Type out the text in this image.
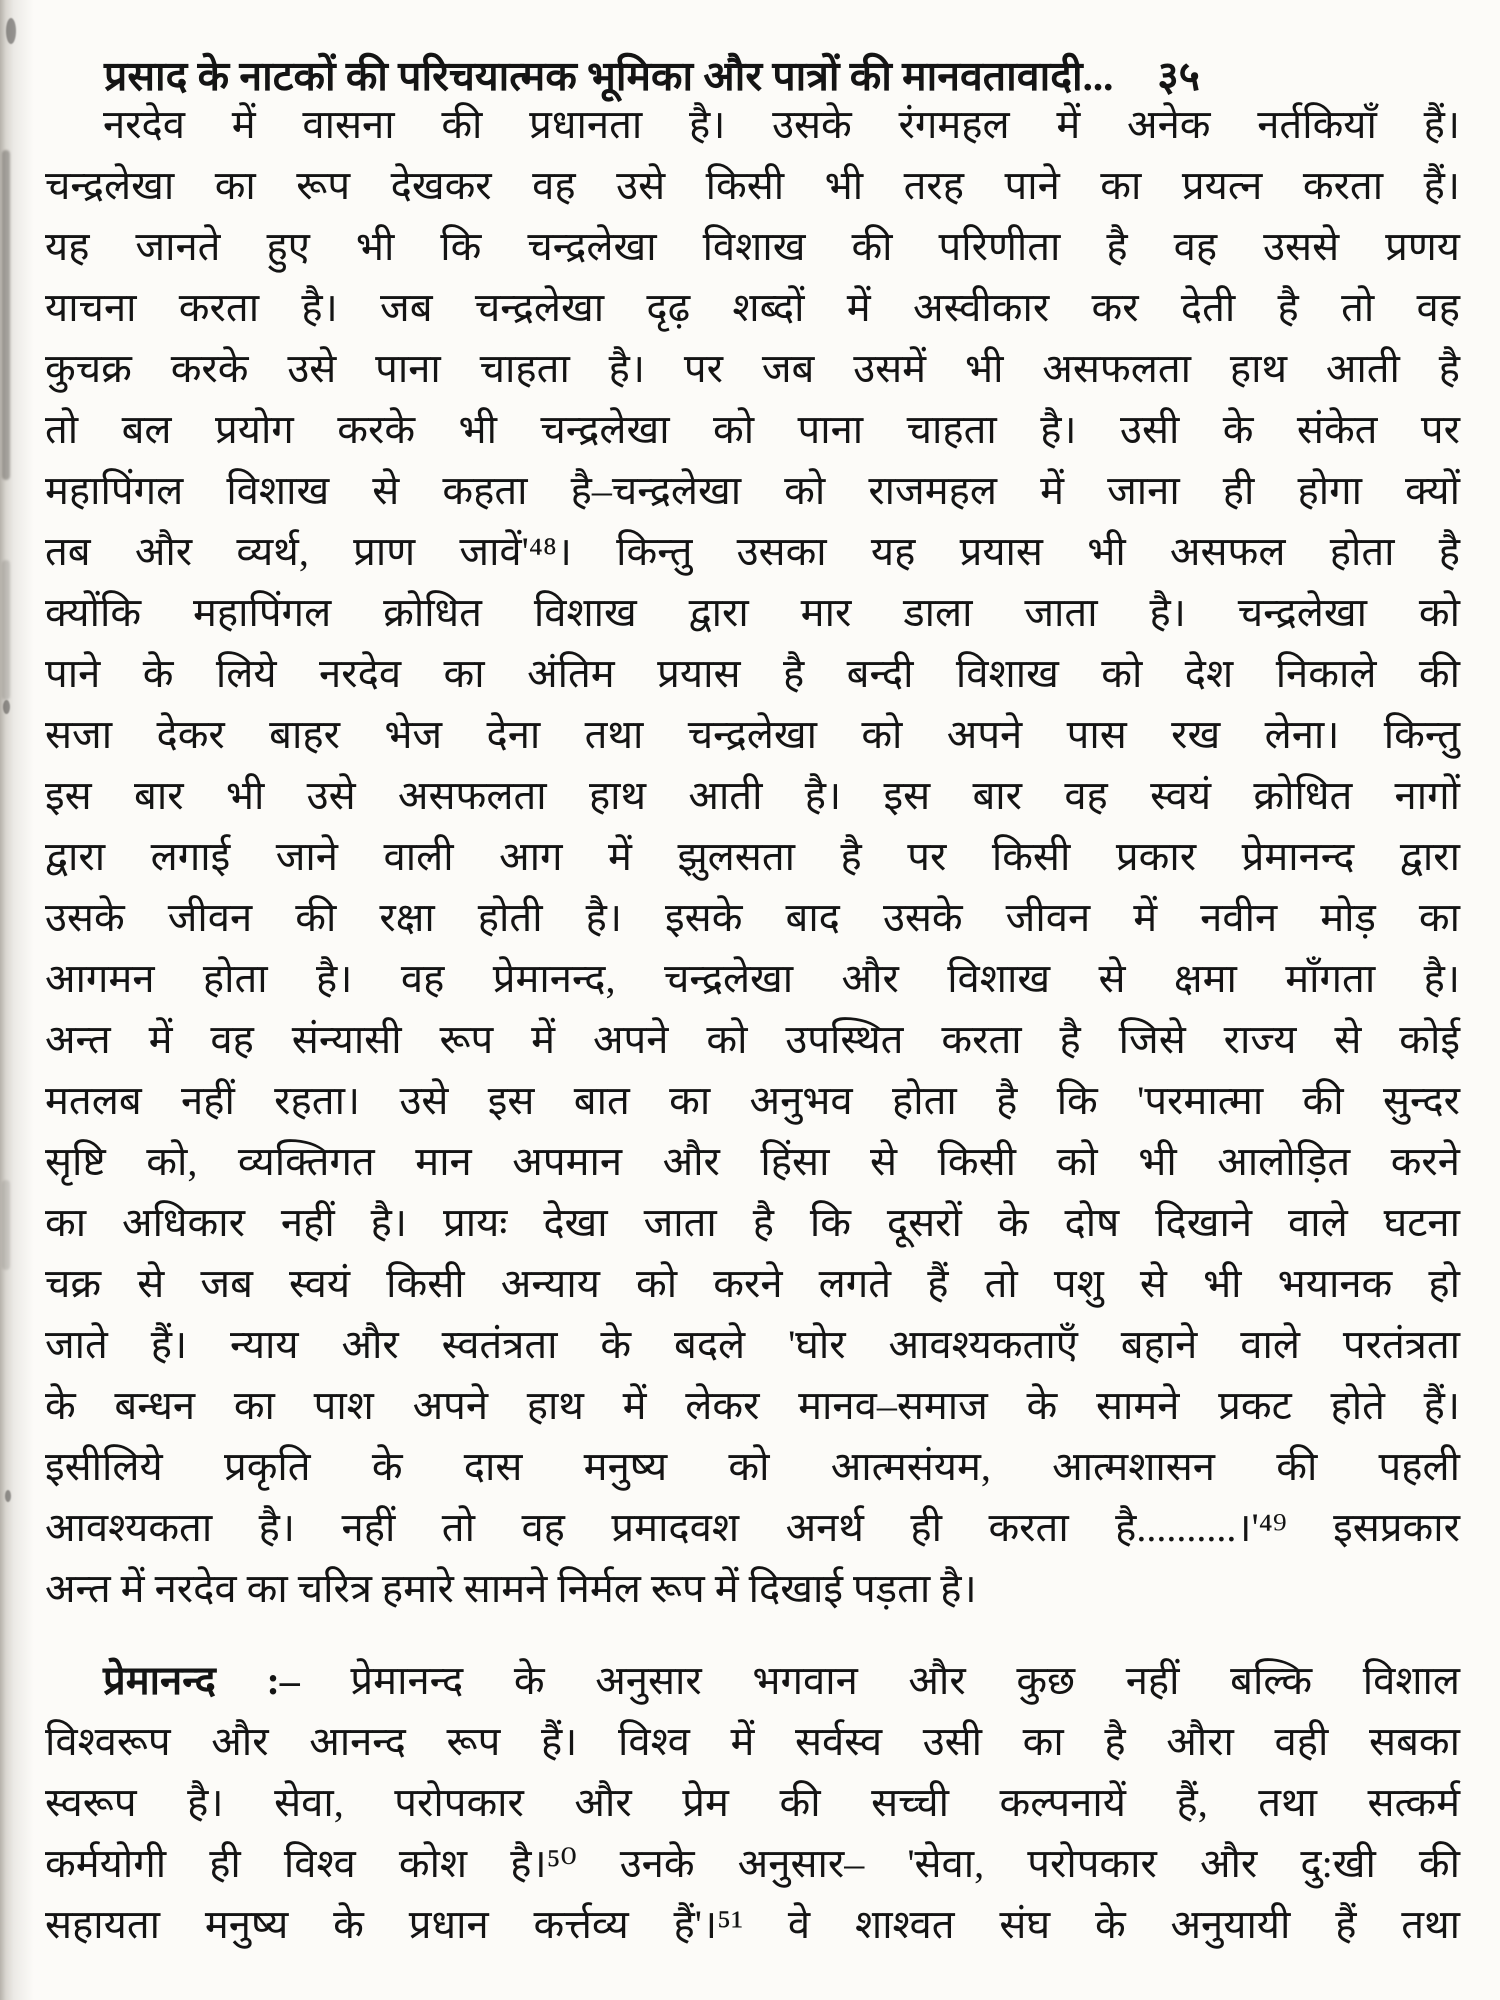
प्रसाद के नाटकों की परिचयात्मक भूमिका और पात्रों की मानवतावादी... ३५
नरदेव में वासना की प्रधानता है। उसके रंगमहल में अनेक नर्तकियाँ हैं।
चन्द्रलेखा का रूप देखकर वह उसे किसी भी तरह पाने का प्रयत्न करता हैं।
यह जानते हुए भी कि चन्द्रलेखा विशाख की परिणीता है वह उससे प्रणय
याचना करता है। जब चन्द्रलेखा दृढ़ शब्दों में अस्वीकार कर देती है तो वह
कुचक्र करके उसे पाना चाहता है। पर जब उसमें भी असफलता हाथ आती है
तो बल प्रयोग करके भी चन्द्रलेखा को पाना चाहता है। उसी के संकेत पर
महापिंगल विशाख से कहता है–चन्द्रलेखा को राजमहल में जाना ही होगा क्यों
तब और व्यर्थ, प्राण जावें'⁴⁸। किन्तु उसका यह प्रयास भी असफल होता है
क्योंकि महापिंगल क्रोधित विशाख द्वारा मार डाला जाता है। चन्द्रलेखा को
पाने के लिये नरदेव का अंतिम प्रयास है बन्दी विशाख को देश निकाले की
सजा देकर बाहर भेज देना तथा चन्द्रलेखा को अपने पास रख लेना। किन्तु
इस बार भी उसे असफलता हाथ आती है। इस बार वह स्वयं क्रोधित नागों
द्वारा लगाई जाने वाली आग में झुलसता है पर किसी प्रकार प्रेमानन्द द्वारा
उसके जीवन की रक्षा होती है। इसके बाद उसके जीवन में नवीन मोड़ का
आगमन होता है। वह प्रेमानन्द, चन्द्रलेखा और विशाख से क्षमा माँगता है।
अन्त में वह संन्यासी रूप में अपने को उपस्थित करता है जिसे राज्य से कोई
मतलब नहीं रहता। उसे इस बात का अनुभव होता है कि 'परमात्मा की सुन्दर
सृष्टि को, व्यक्तिगत मान अपमान और हिंसा से किसी को भी आलोड़ित करने
का अधिकार नहीं है। प्रायः देखा जाता है कि दूसरों के दोष दिखाने वाले घटना
चक्र से जब स्वयं किसी अन्याय को करने लगते हैं तो पशु से भी भयानक हो
जाते हैं। न्याय और स्वतंत्रता के बदले 'घोर आवश्यकताएँ बहाने वाले परतंत्रता
के बन्धन का पाश अपने हाथ में लेकर मानव–समाज के सामने प्रकट होते हैं।
इसीलिये प्रकृति के दास मनुष्य को आत्मसंयम, आत्मशासन की पहली
आवश्यकता है। नहीं तो वह प्रमादवश अनर्थ ही करता है..........।'⁴⁹ इसप्रकार
अन्त में नरदेव का चरित्र हमारे सामने निर्मल रूप में दिखाई पड़ता है।
प्रेमानन्द :– प्रेमानन्द के अनुसार भगवान और कुछ नहीं बल्कि विशाल
विश्वरूप और आनन्द रूप हैं। विश्व में सर्वस्व उसी का है औरा वही सबका
स्वरूप है। सेवा, परोपकार और प्रेम की सच्ची कल्पनायें हैं, तथा सत्कर्म
कर्मयोगी ही विश्व कोश है।⁵⁰ उनके अनुसार– 'सेवा, परोपकार और दु:खी की
सहायता मनुष्य के प्रधान कर्त्तव्य हैं'।⁵¹ वे शाश्वत संघ के अनुयायी हैं तथा
